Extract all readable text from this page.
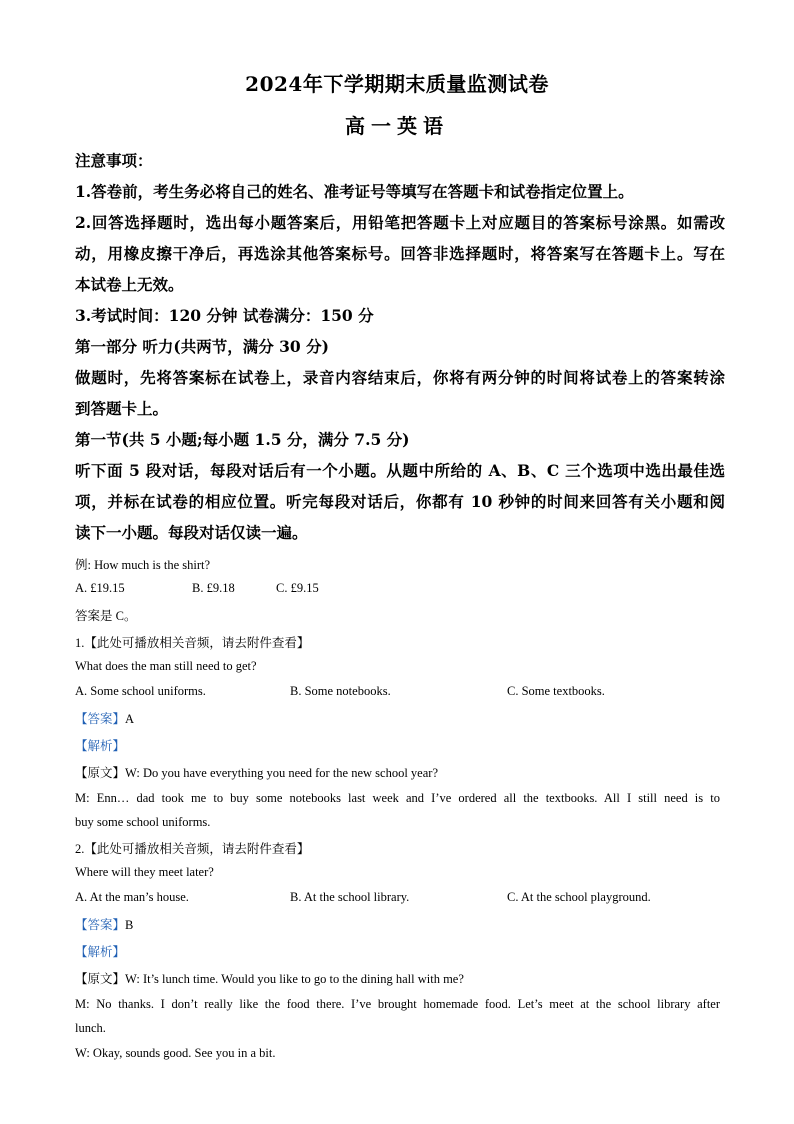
2024年下学期期末质量监测试卷
高一英语
注意事项：
1.答卷前，考生务必将自己的姓名、准考证号等填写在答题卡和试卷指定位置上。
2.回答选择题时，选出每小题答案后，用铅笔把答题卡上对应题目的答案标号涂黑。如需改
动，用橡皮擦干净后，再选涂其他答案标号。回答非选择题时，将答案写在答题卡上。写在
本试卷上无效。
3.考试时间：120 分钟 试卷满分：150 分
第一部分 听力(共两节，满分 30 分)
做题时，先将答案标在试卷上，录音内容结束后，你将有两分钟的时间将试卷上的答案转涂
到答题卡上。
第一节(共 5 小题;每小题 1.5 分，满分 7.5 分)
听下面 5 段对话，每段对话后有一个小题。从题中所给的 A、B、C 三个选项中选出最佳选
项，并标在试卷的相应位置。听完每段对话后，你都有 10 秒钟的时间来回答有关小题和阅
读下一小题。每段对话仅读一遍。
例: How much is the shirt?
A. £19.15	B. £9.18	C. £9.15
答案是 C。
1.【此处可播放相关音频，请去附件查看】
What does the man still need to get?
A. Some school uniforms.	B. Some notebooks.	C. Some textbooks.
【答案】A
【解析】
【原文】W: Do you have everything you need for the new school year?
M: Enn… dad took me to buy some notebooks last week and I’ve ordered all the textbooks. All I still need is to
buy some school uniforms.
2.【此处可播放相关音频，请去附件查看】
Where will they meet later?
A. At the man’s house.	B. At the school library.	C. At the school playground.
【答案】B
【解析】
【原文】W: It’s lunch time. Would you like to go to the dining hall with me?
M: No thanks. I don’t really like the food there. I’ve brought homemade food. Let’s meet at the school library after
lunch.
W: Okay, sounds good. See you in a bit.
